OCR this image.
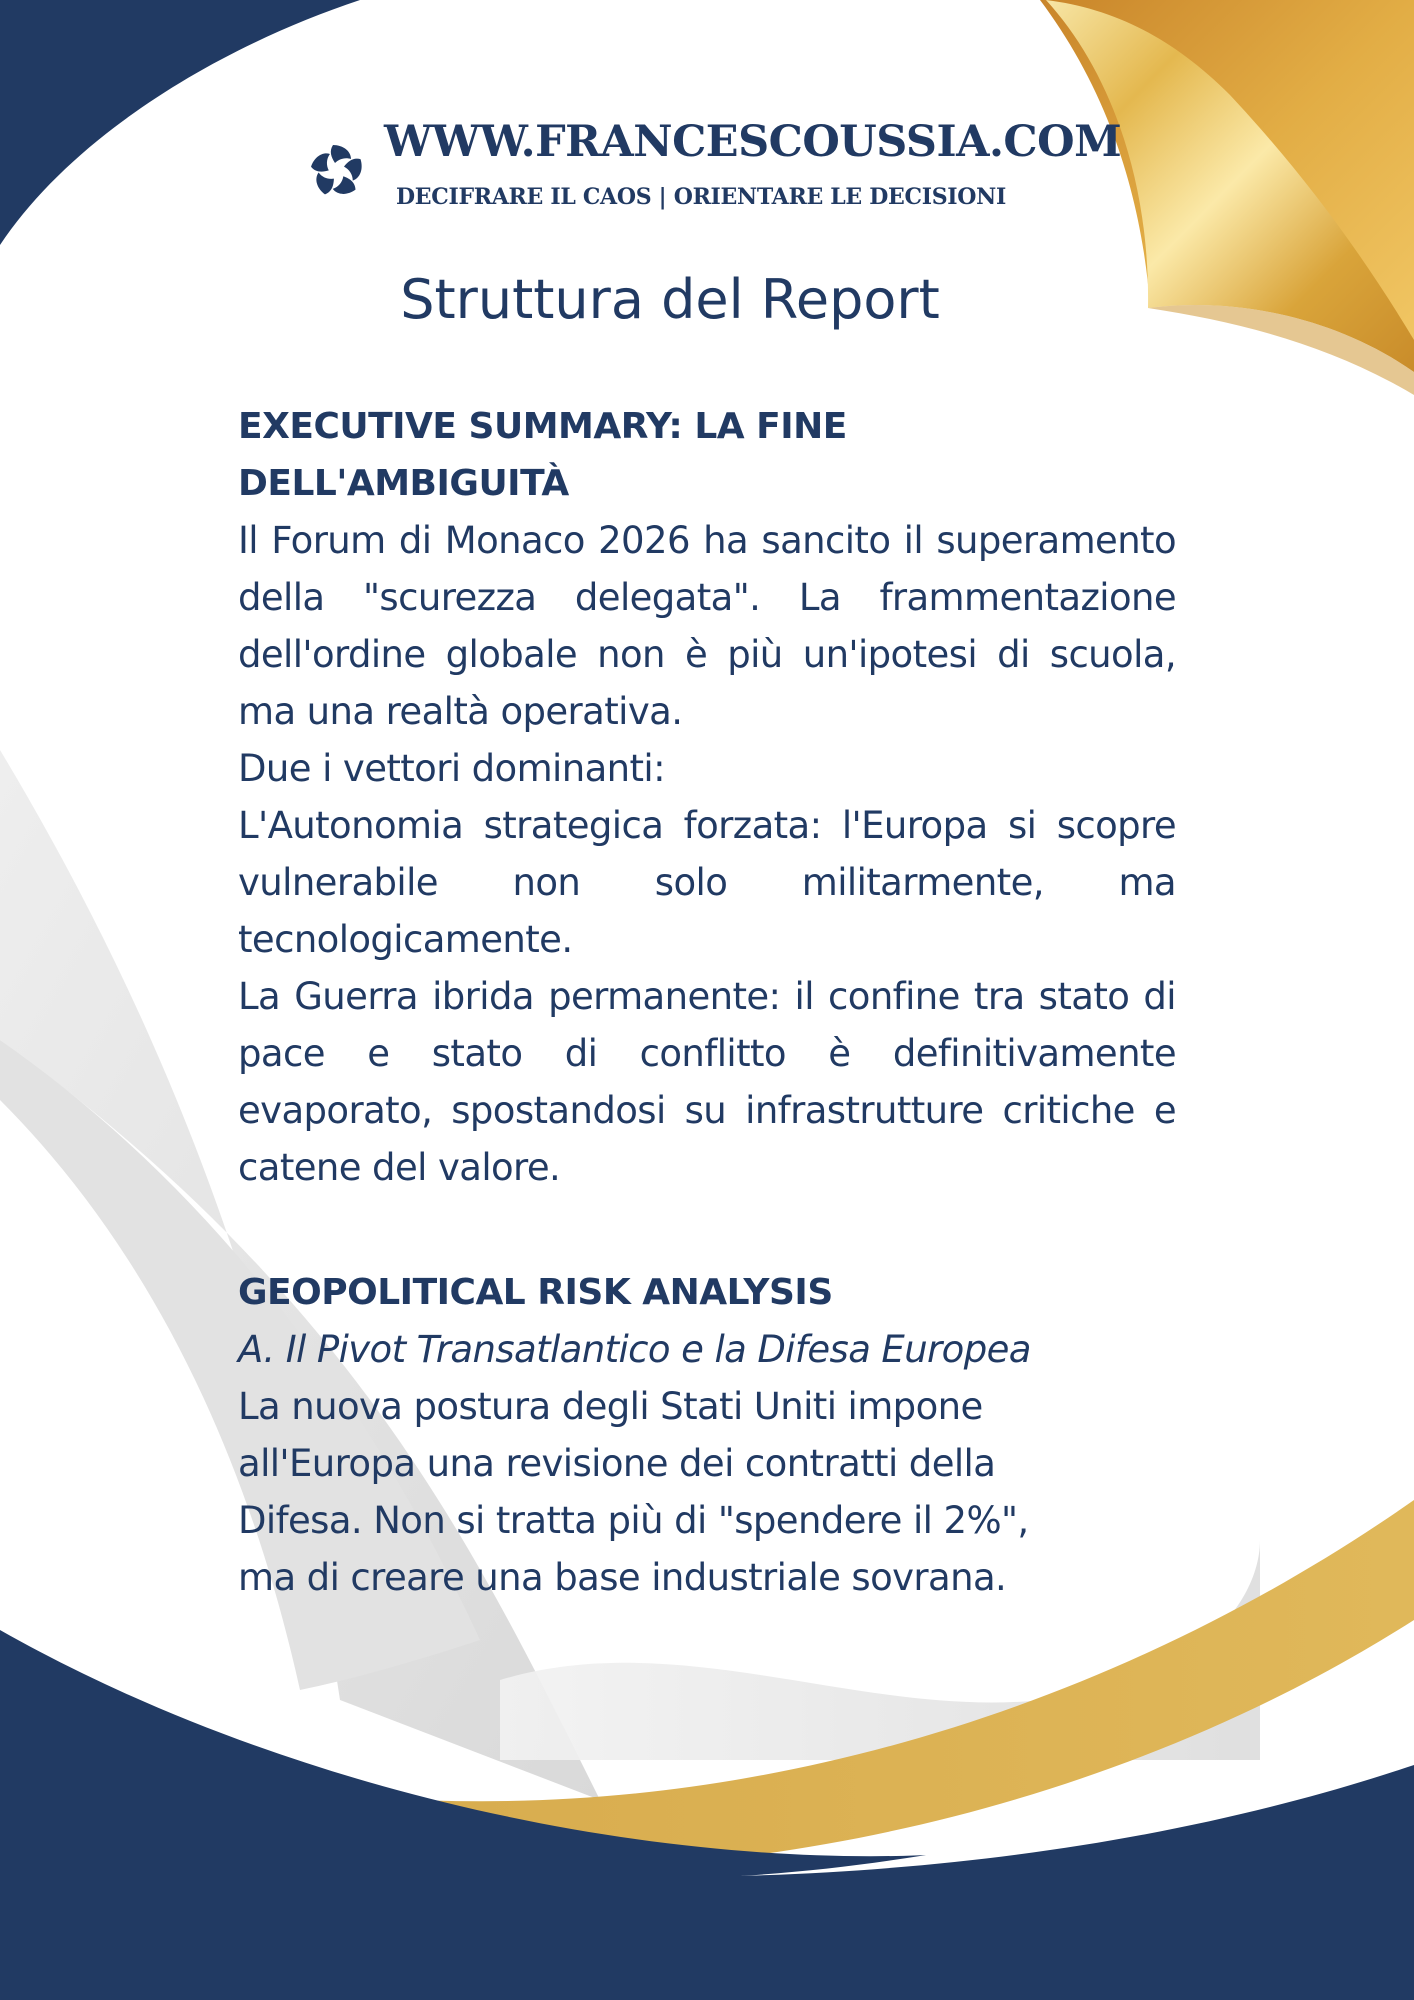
WWW.FRANCESCOUSSIA.COM
DECIFRARE IL CAOS | ORIENTARE LE DECISIONI
Struttura del Report

EXECUTIVE SUMMARY: LA FINE

DELL'AMBIGUITÀ

Il Forum di Monaco 2026 ha sancito il superamento della "scurezza delegata". La frammentazione dell'ordine globale non è più un'ipotesi di scuola, ma una realtà operativa.

Due i vettori dominanti:

L'Autonomia strategica forzata: l'Europa si scopre vulnerabile non solo militarmente, ma tecnologicamente.

La Guerra ibrida permanente: il confine tra stato di pace e stato di conflitto è definitivamente evaporato, spostandosi su infrastrutture critiche e catene del valore.

GEOPOLITICAL RISK ANALYSIS

A. Il Pivot Transatlantico e la Difesa Europea

La nuova postura degli Stati Uniti impone

all'Europa una revisione dei contratti della

Difesa. Non si tratta più di "spendere il 2%",

ma di creare una base industriale sovrana.
